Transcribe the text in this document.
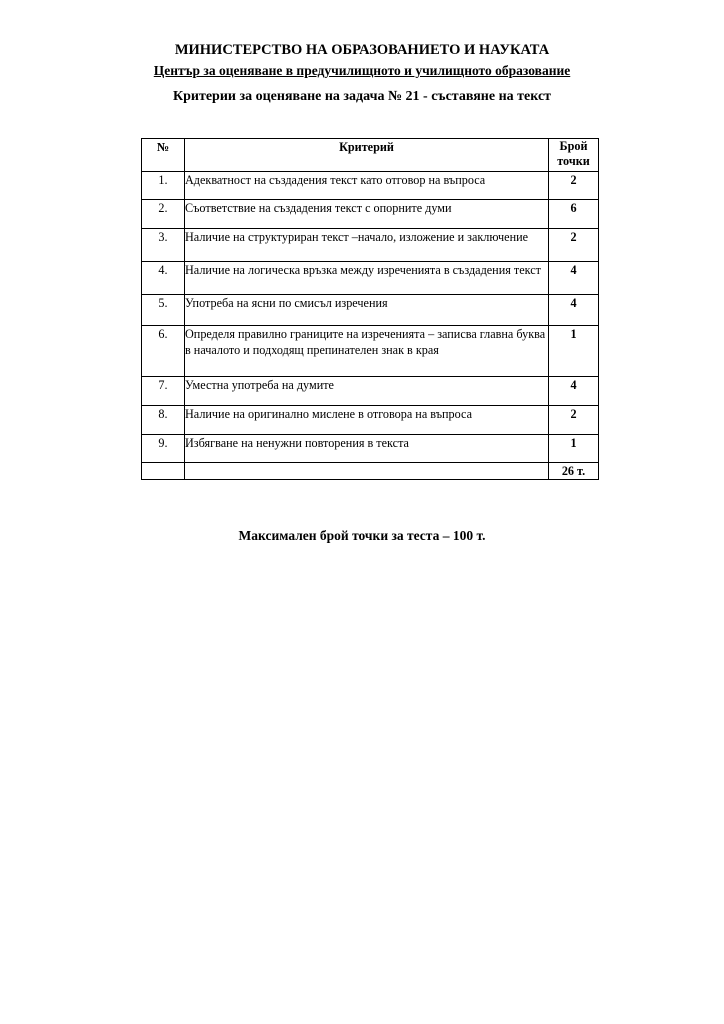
МИНИСТЕРСТВО НА ОБРАЗОВАНИЕТО И НАУКАТА
Център за оценяване в предучилищното и училищното образование
Критерии за оценяване на задача № 21 - съставяне на текст
№	Критерий	Брой
точки

1.	Адекватност на създадения текст като отговор на въпроса	2
2.	Съответствие на създадения текст с опорните думи	6
3.	Наличие на структуриран текст –начало, изложение и заключение	2
4.	Наличие на логическа връзка между изреченията в създадения текст	4
5.	Употреба на ясни по смисъл изречения	4
6.	Определя правилно границите на изреченията – записва главна буква в началото и подходящ препинателен знак в края	1
7.	Уместна употреба на думите	4
8.	Наличие на оригинално мислене в отговора на въпроса	2
9.	Избягване на ненужни повторения в текста	1
		26 т.
Максимален брой точки за теста – 100 т.
